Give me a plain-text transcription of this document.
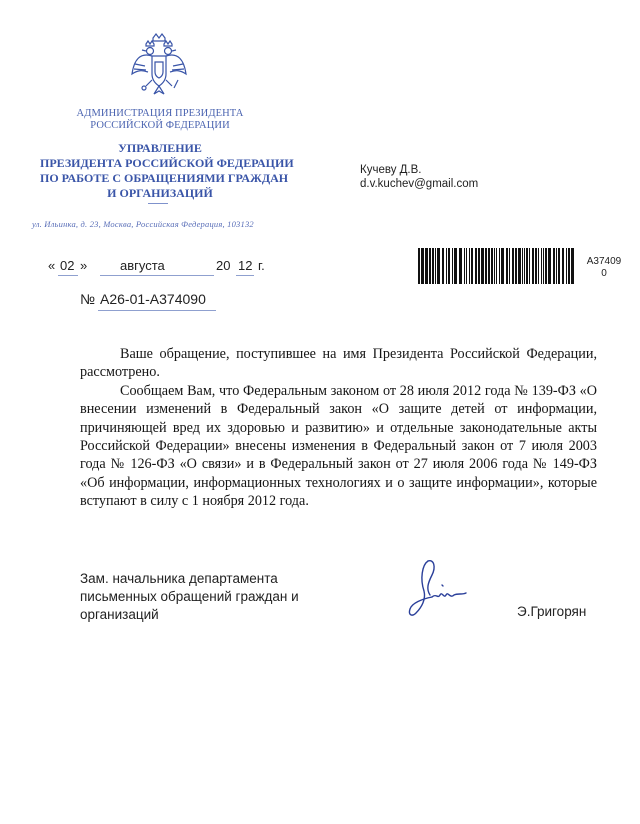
АДМИНИСТРАЦИЯ ПРЕЗИДЕНТА
РОССИЙСКОЙ ФЕДЕРАЦИИ
УПРАВЛЕНИЕ
ПРЕЗИДЕНТА РОССИЙСКОЙ ФЕДЕРАЦИИ
ПО РАБОТЕ С ОБРАЩЕНИЯМИ ГРАЖДАН
И ОРГАНИЗАЦИЙ
ул. Ильинка, д. 23, Москва, Российская Федерация, 103132
Кучеву Д.В.
d.v.kuchev@gmail.com
« 02 »	августа	20 12 г.
№ А26-01-А374090
А37409
0

Ваше обращение, поступившее на имя Президента Российской Федерации, рассмотрено.

Сообщаем Вам, что Федеральным законом от 28 июля 2012 года № 139-ФЗ «О внесении изменений в Федеральный закон «О защите детей от информации, причиняющей вред их здоровью и развитию» и отдельные законодательные акты Российской Федерации» внесены изменения в Федеральный закон от 7 июля 2003 года № 126-ФЗ «О связи» и в Федеральный закон от 27 июля 2006 года № 149-ФЗ «Об информации, информационных технологиях и о защите информации», которые вступают в силу с 1 ноября 2012 года.

Зам. начальника департамента
письменных обращений граждан и
организаций	Э.Григорян
